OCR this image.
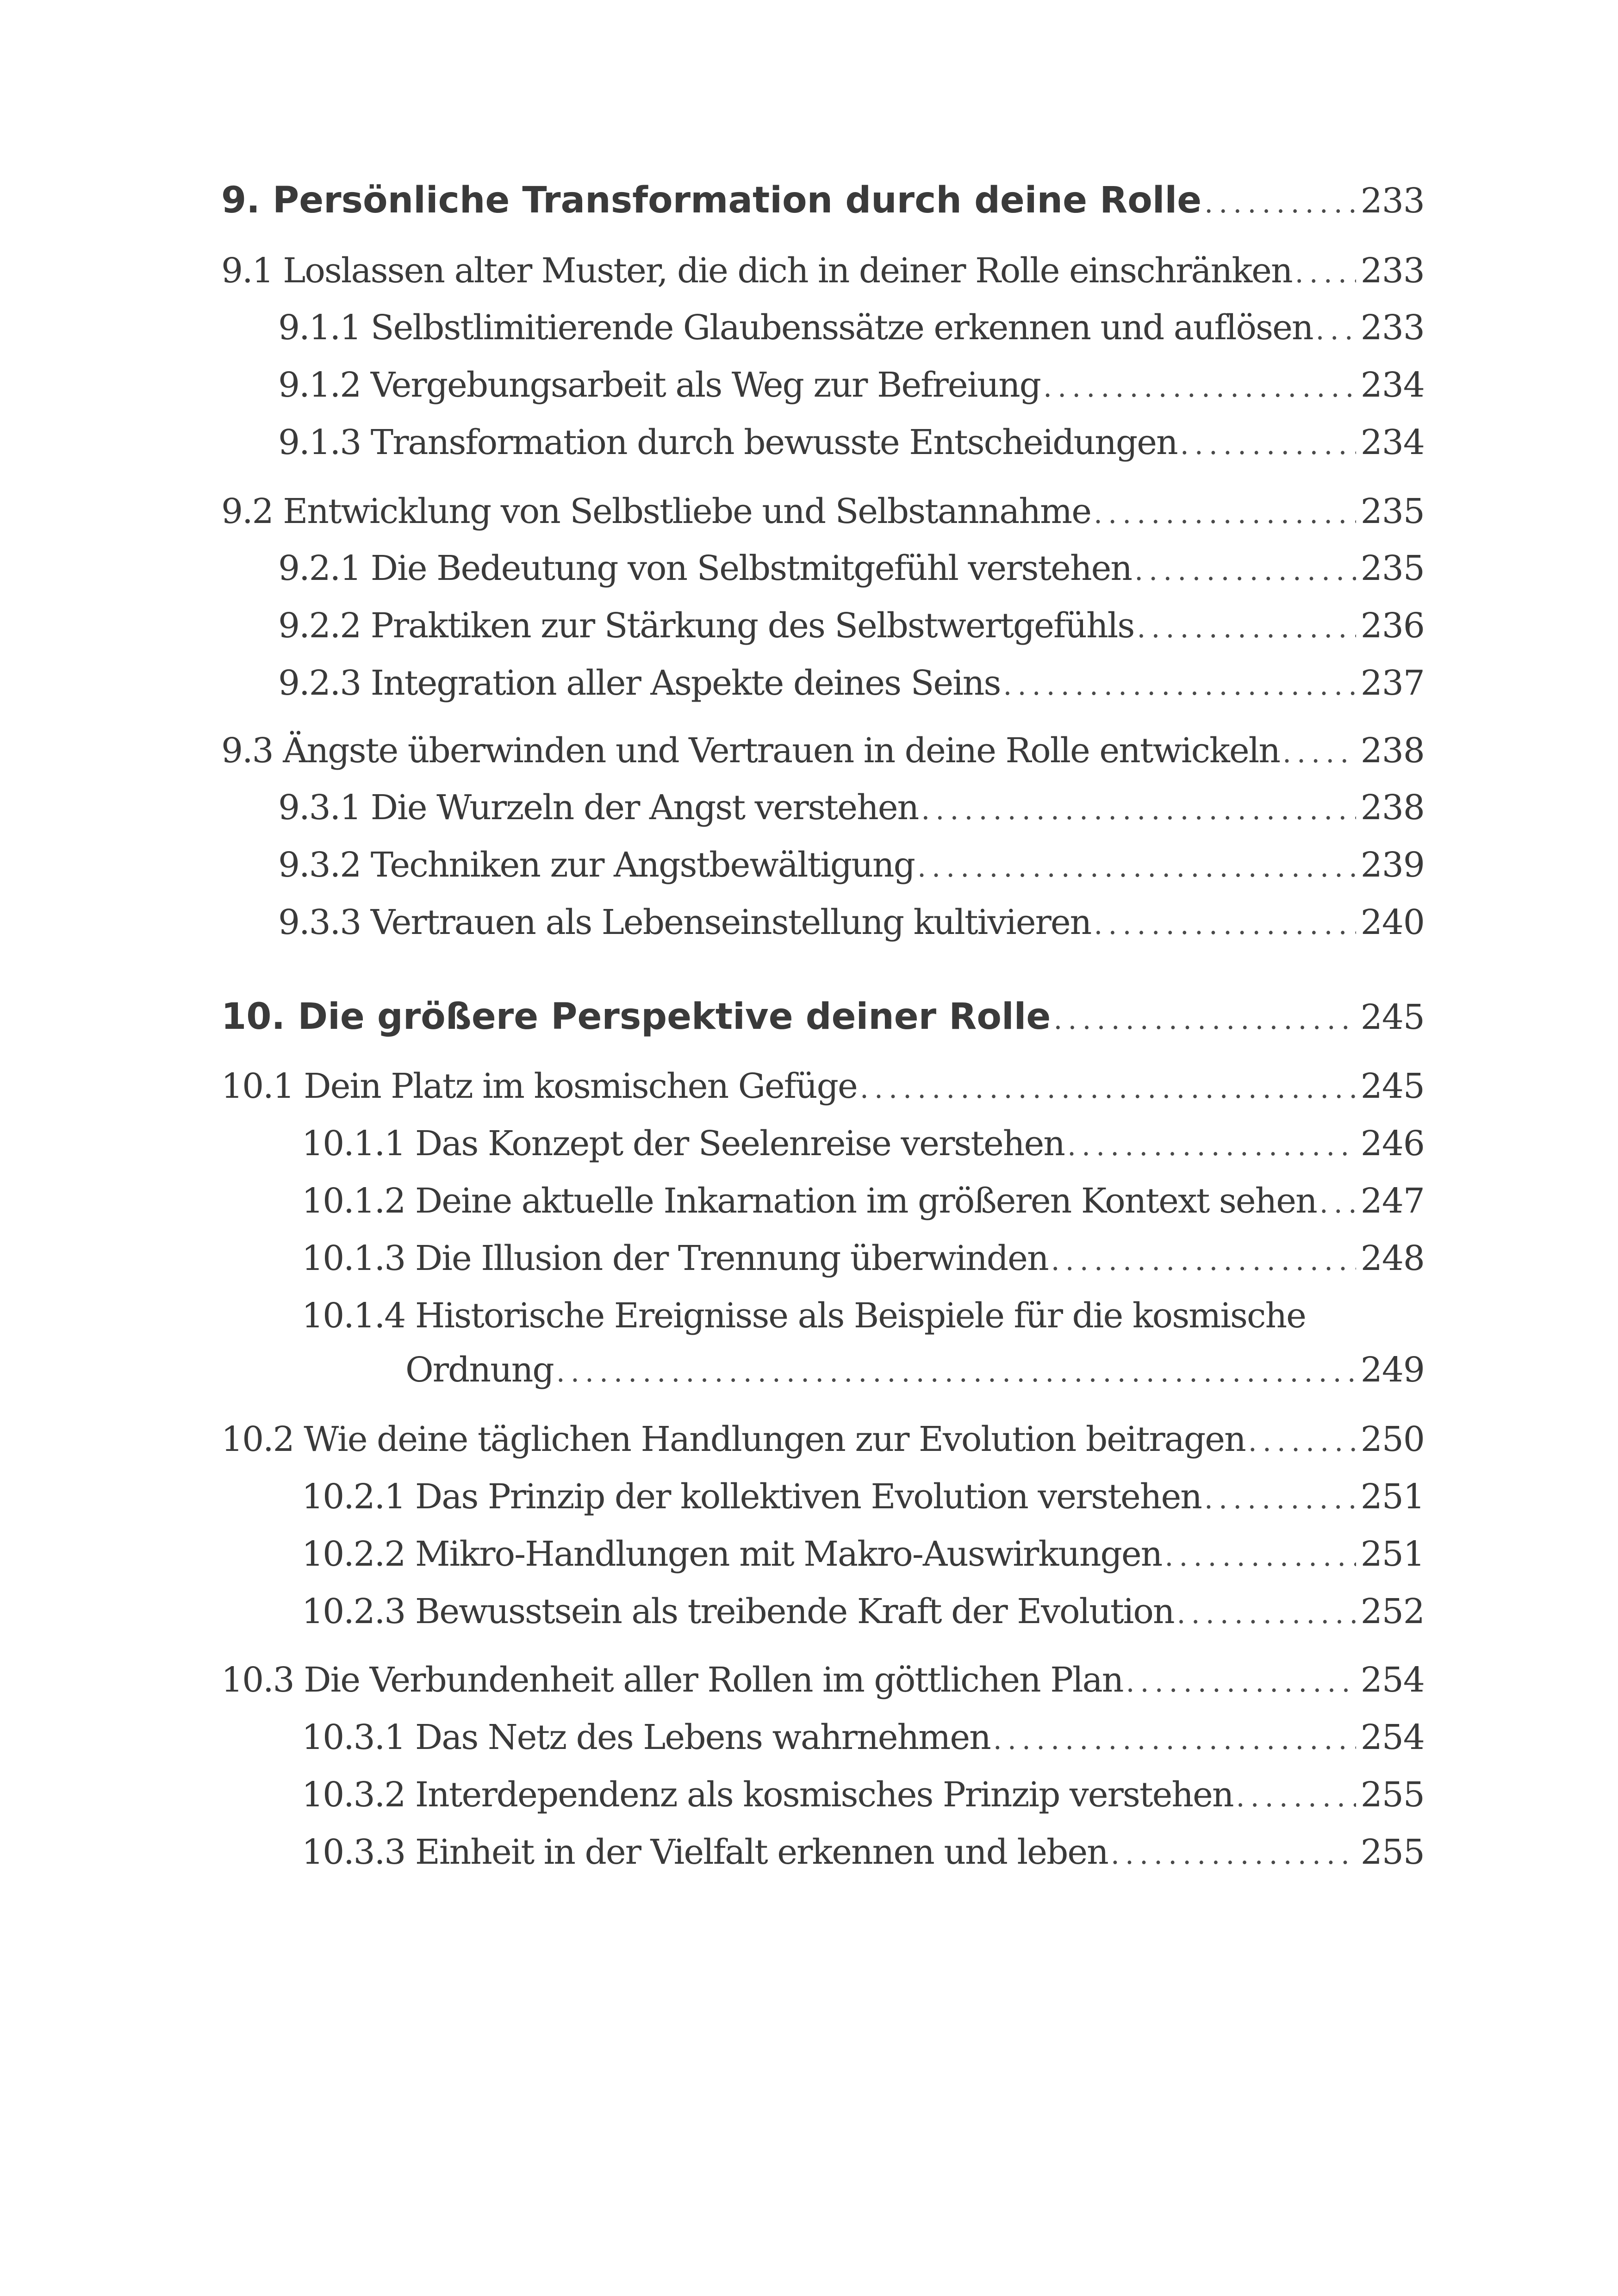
9. Persönliche Transformation durch deine Rolle .....	233
9.1 Loslassen alter Muster, die dich in deiner Rolle einschränken ..... 233
9.1.1 Selbstlimitierende Glaubenssätze erkennen und auflösen ..... 233
9.1.2 Vergebungsarbeit als Weg zur Befreiung .....	234
9.1.3 Transformation durch bewusste Entscheidungen .....	234
9.2 Entwicklung von Selbstliebe und Selbstannahme .....	235
9.2.1 Die Bedeutung von Selbstmitgefühl verstehen .....	235
9.2.2 Praktiken zur Stärkung des Selbstwertgefühls .....	236
9.2.3 Integration aller Aspekte deines Seins .....	237
9.3 Ängste überwinden und Vertrauen in deine Rolle entwickeln ..... 238
9.3.1 Die Wurzeln der Angst verstehen .....	238
9.3.2 Techniken zur Angstbewältigung .....	239
9.3.3 Vertrauen als Lebenseinstellung kultivieren .....	240
10. Die größere Perspektive deiner Rolle .....	245
10.1 Dein Platz im kosmischen Gefüge .....	245
10.1.1 Das Konzept der Seelenreise verstehen .....	246
10.1.2 Deine aktuelle Inkarnation im größeren Kontext sehen ..... 247
10.1.3 Die Illusion der Trennung überwinden .....	248
10.1.4 Historische Ereignisse als Beispiele für die kosmische
Ordnung .....	249
10.2 Wie deine täglichen Handlungen zur Evolution beitragen .....	250
10.2.1 Das Prinzip der kollektiven Evolution verstehen .....	251
10.2.2 Mikro-Handlungen mit Makro-Auswirkungen .....	251
10.2.3 Bewusstsein als treibende Kraft der Evolution .....	252
10.3 Die Verbundenheit aller Rollen im göttlichen Plan .....	254
10.3.1 Das Netz des Lebens wahrnehmen .....	254
10.3.2 Interdependenz als kosmisches Prinzip verstehen .....	255
10.3.3 Einheit in der Vielfalt erkennen und leben .....	255
